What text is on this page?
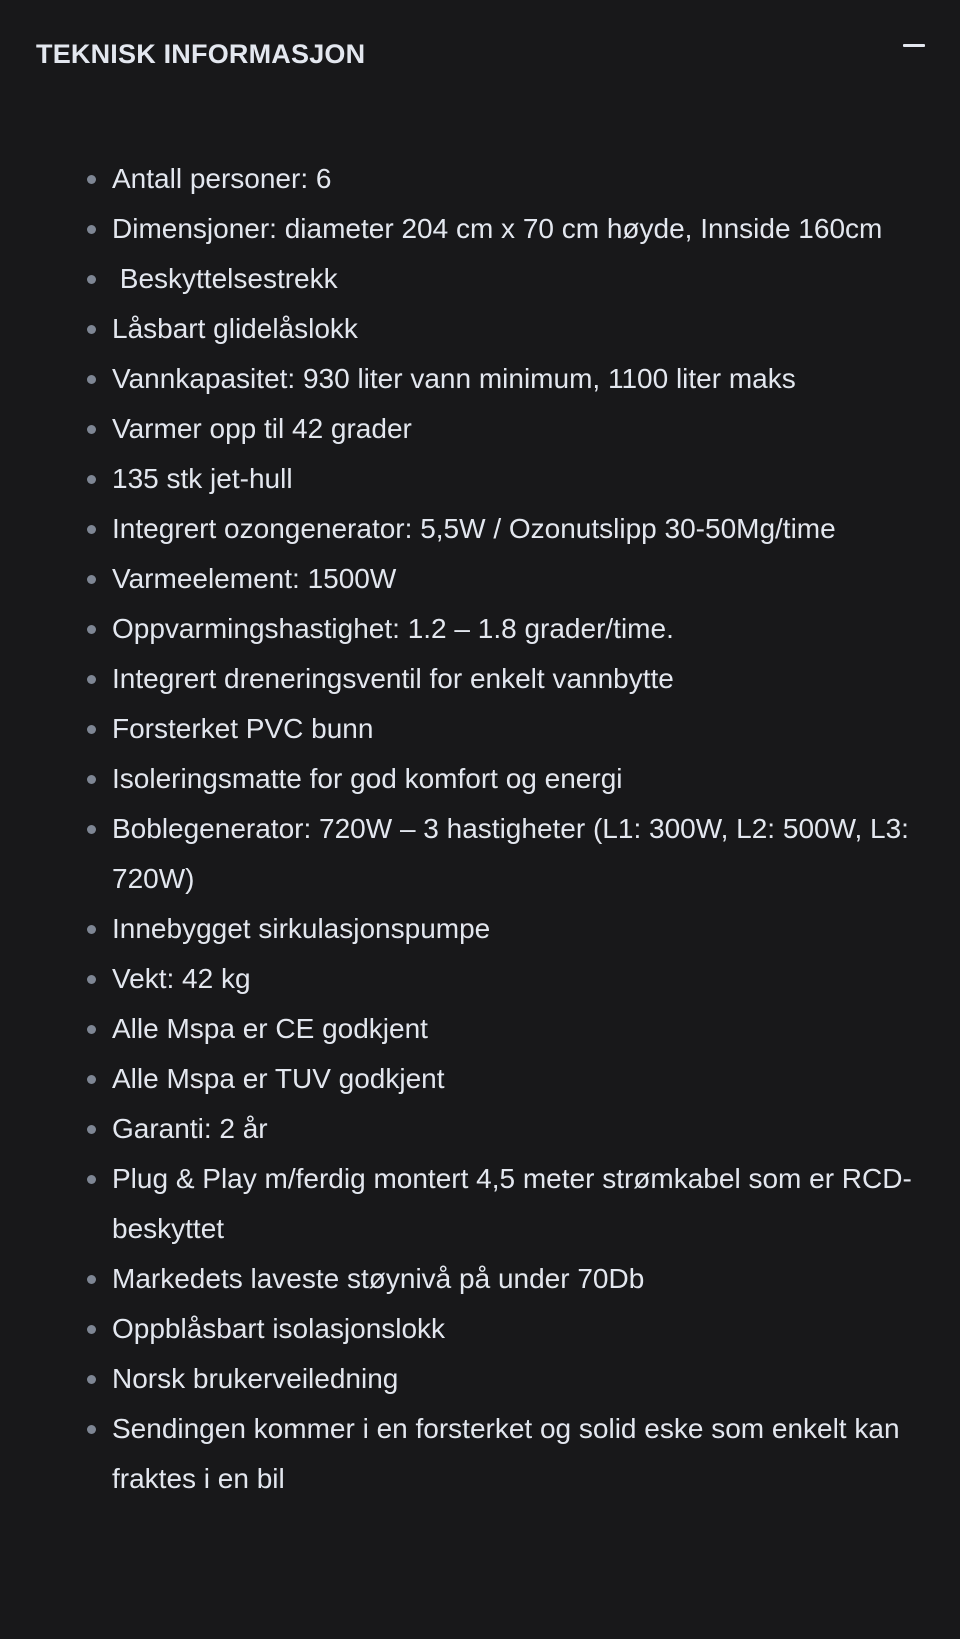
TEKNISK INFORMASJON
Antall personer: 6
Dimensjoner: diameter 204 cm x 70 cm høyde, Innside 160cm
Beskyttelsestrekk
Låsbart glidelåslokk
Vannkapasitet: 930 liter vann minimum, 1100 liter maks
Varmer opp til 42 grader
135 stk jet-hull
Integrert ozongenerator: 5,5W / Ozonutslipp 30-50Mg/time
Varmeelement: 1500W
Oppvarmingshastighet: 1.2 – 1.8 grader/time.
Integrert dreneringsventil for enkelt vannbytte
Forsterket PVC bunn
Isoleringsmatte for god komfort og energi
Boblegenerator: 720W – 3 hastigheter (L1: 300W, L2: 500W, L3: 720W)
Innebygget sirkulasjonspumpe
Vekt: 42 kg
Alle Mspa er CE godkjent
Alle Mspa er TUV godkjent
Garanti: 2 år
Plug & Play m/ferdig montert 4,5 meter strømkabel som er RCD-beskyttet
Markedets laveste støynivå på under 70Db
Oppblåsbart isolasjonslokk
Norsk brukerveiledning
Sendingen kommer i en forsterket og solid eske som enkelt kan fraktes i en bil
